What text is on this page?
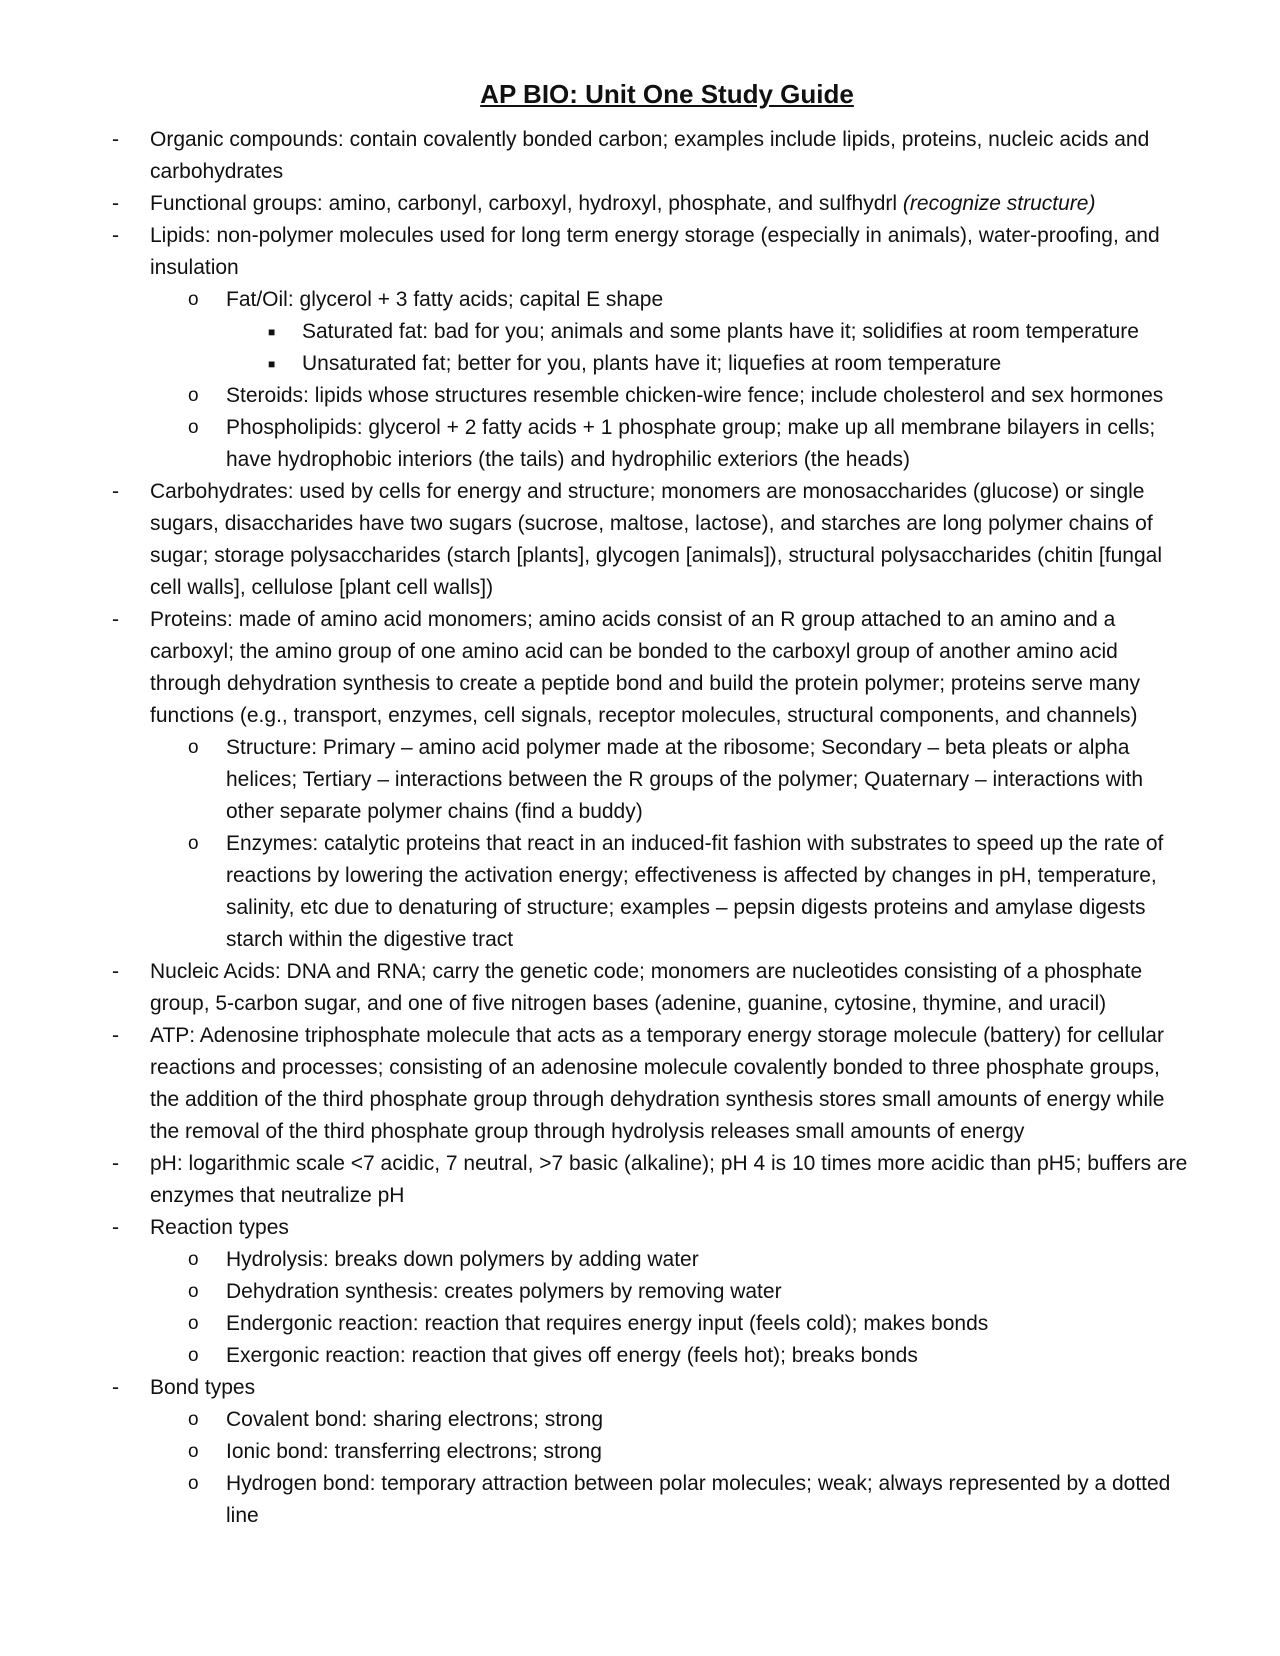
AP BIO: Unit One Study Guide
-	Organic compounds: contain covalently bonded carbon; examples include lipids, proteins, nucleic acids and carbohydrates
-	Functional groups: amino, carbonyl, carboxyl, hydroxyl, phosphate, and sulfhydrl (recognize structure)
-	Lipids: non-polymer molecules used for long term energy storage (especially in animals), water-proofing, and insulation
o	Fat/Oil: glycerol + 3 fatty acids; capital E shape
■ Saturated fat: bad for you; animals and some plants have it; solidifies at room temperature
■ Unsaturated fat; better for you, plants have it; liquefies at room temperature
o	Steroids: lipids whose structures resemble chicken-wire fence; include cholesterol and sex hormones
o	Phospholipids: glycerol + 2 fatty acids + 1 phosphate group; make up all membrane bilayers in cells; have hydrophobic interiors (the tails) and hydrophilic exteriors (the heads)
-	Carbohydrates: used by cells for energy and structure; monomers are monosaccharides (glucose) or single sugars, disaccharides have two sugars (sucrose, maltose, lactose), and starches are long polymer chains of sugar; storage polysaccharides (starch [plants], glycogen [animals]), structural polysaccharides (chitin [fungal cell walls], cellulose [plant cell walls])
-	Proteins: made of amino acid monomers; amino acids consist of an R group attached to an amino and a carboxyl; the amino group of one amino acid can be bonded to the carboxyl group of another amino acid through dehydration synthesis to create a peptide bond and build the protein polymer; proteins serve many functions (e.g., transport, enzymes, cell signals, receptor molecules, structural components, and channels)
o	Structure: Primary – amino acid polymer made at the ribosome; Secondary – beta pleats or alpha helices; Tertiary – interactions between the R groups of the polymer; Quaternary – interactions with other separate polymer chains (find a buddy)
o	Enzymes: catalytic proteins that react in an induced-fit fashion with substrates to speed up the rate of reactions by lowering the activation energy; effectiveness is affected by changes in pH, temperature, salinity, etc due to denaturing of structure; examples – pepsin digests proteins and amylase digests starch within the digestive tract
-	Nucleic Acids: DNA and RNA; carry the genetic code; monomers are nucleotides consisting of a phosphate group, 5-carbon sugar, and one of five nitrogen bases (adenine, guanine, cytosine, thymine, and uracil)
-	ATP: Adenosine triphosphate molecule that acts as a temporary energy storage molecule (battery) for cellular reactions and processes; consisting of an adenosine molecule covalently bonded to three phosphate groups, the addition of the third phosphate group through dehydration synthesis stores small amounts of energy while the removal of the third phosphate group through hydrolysis releases small amounts of energy
-	pH: logarithmic scale <7 acidic, 7 neutral, >7 basic (alkaline); pH 4 is 10 times more acidic than pH5; buffers are enzymes that neutralize pH
-	Reaction types
o	Hydrolysis: breaks down polymers by adding water
o	Dehydration synthesis: creates polymers by removing water
o	Endergonic reaction: reaction that requires energy input (feels cold); makes bonds
o	Exergonic reaction: reaction that gives off energy (feels hot); breaks bonds
-	Bond types
o	Covalent bond: sharing electrons; strong
o	Ionic bond: transferring electrons; strong
o	Hydrogen bond: temporary attraction between polar molecules; weak; always represented by a dotted line
